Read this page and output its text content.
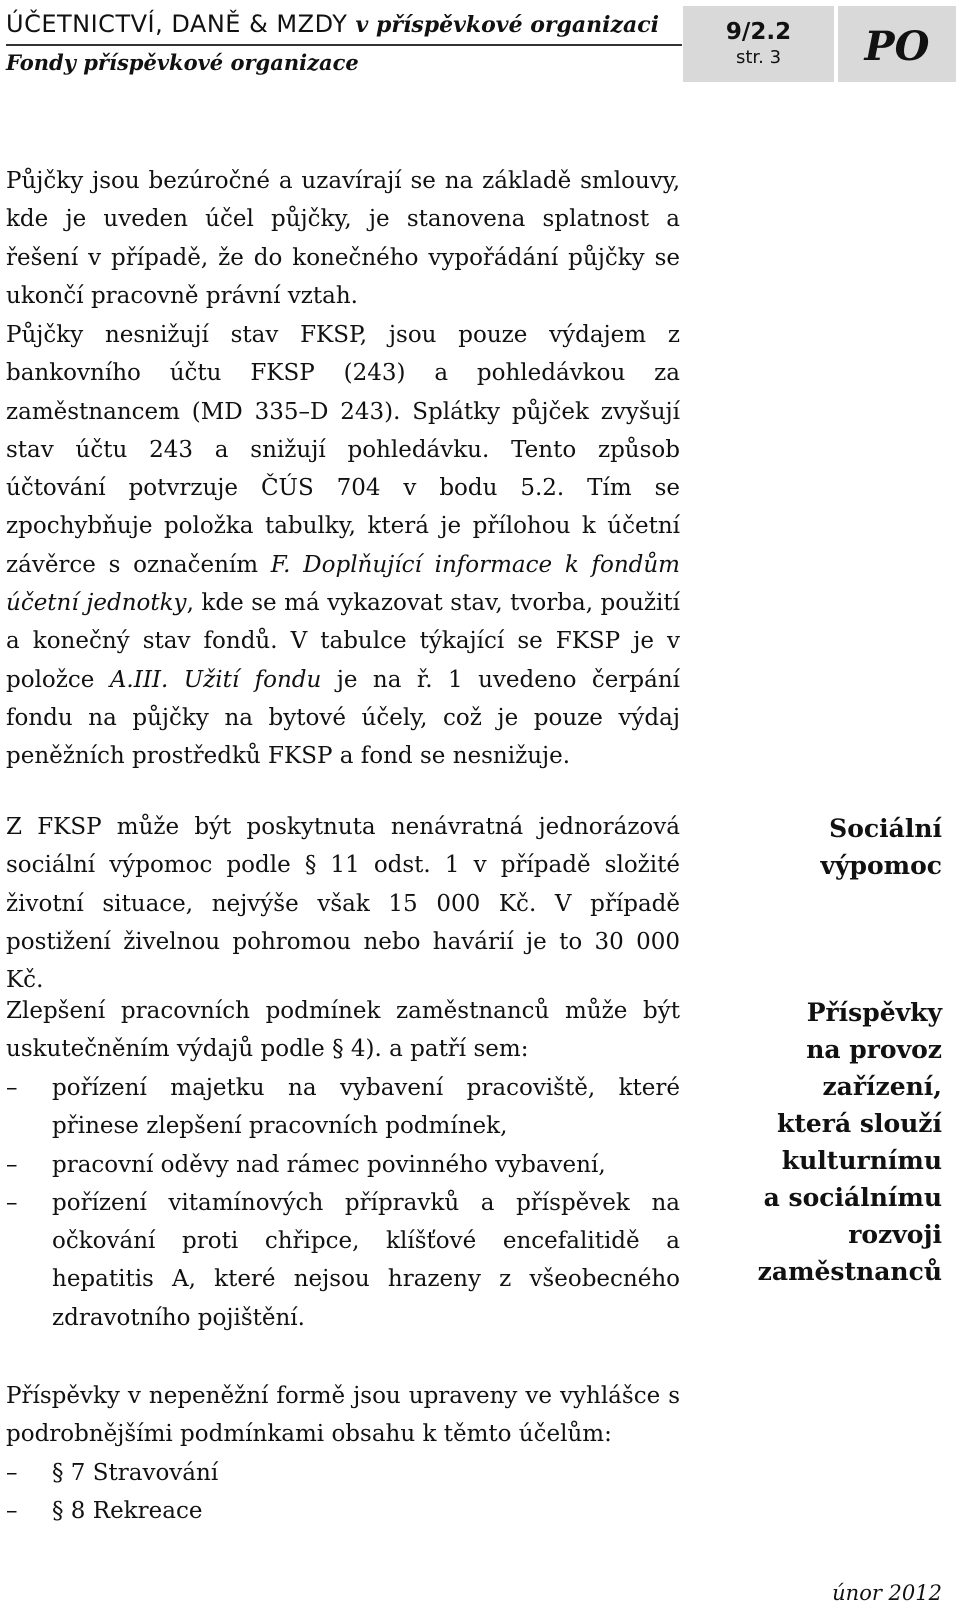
ÚČETNICTVÍ, DANĚ & MZDY v příspěvkové organizaci
Fondy příspěvkové organizace
9/2.2
str. 3	PO

Půjčky jsou bezúročné a uzavírají se na základě smlouvy, kde je uveden účel půjčky, je stanovena splatnost a řešení v případě, že do konečného vypořádání půjčky se ukončí pracovně právní vztah.

Půjčky nesnižují stav FKSP, jsou pouze výdajem z bankovního účtu FKSP (243) a pohledávkou za zaměstnancem (MD 335–D 243). Splátky půjček zvyšují stav účtu 243 a snižují pohledávku. Tento způsob účtování potvrzuje ČÚS 704 v bodu 5.2. Tím se zpochybňuje položka tabulky, která je přílohou k účetní závěrce s označením F. Doplňující informace k fondům účetní jednotky, kde se má vykazovat stav, tvorba, použití a konečný stav fondů. V tabulce týkající se FKSP je v položce A.III. Užití fondu je na ř. 1 uvedeno čerpání fondu na půjčky na bytové účely, což je pouze výdaj peněžních prostředků FKSP a fond se nesnižuje.

Z FKSP může být poskytnuta nenávratná jednorázová sociální výpomoc podle § 11 odst. 1 v případě složité životní situace, nejvýše však 15 000 Kč. V případě postižení živelnou pohromou nebo havárií je to 30 000 Kč.

Sociální
výpomoc

Zlepšení pracovních podmínek zaměstnanců může být uskutečněním výdajů podle § 4). a patří sem:

– pořízení majetku na vybavení pracoviště, které přinese zlepšení pracovních podmínek,
– pracovní oděvy nad rámec povinného vybavení,
– pořízení vitamínových přípravků a příspěvek na očkování proti chřipce, klíšťové encefalitidě a hepatitis A, které nejsou hrazeny z všeobecného zdravotního pojištění.
Příspěvky
na provoz
zařízení,
která slouží
kulturnímu
a sociálnímu
rozvoji
zaměstnanců

Příspěvky v nepeněžní formě jsou upraveny ve vyhlášce s podrobnějšími podmínkami obsahu k těmto účelům:

– § 7 Stravování
– § 8 Rekreace
únor 2012
